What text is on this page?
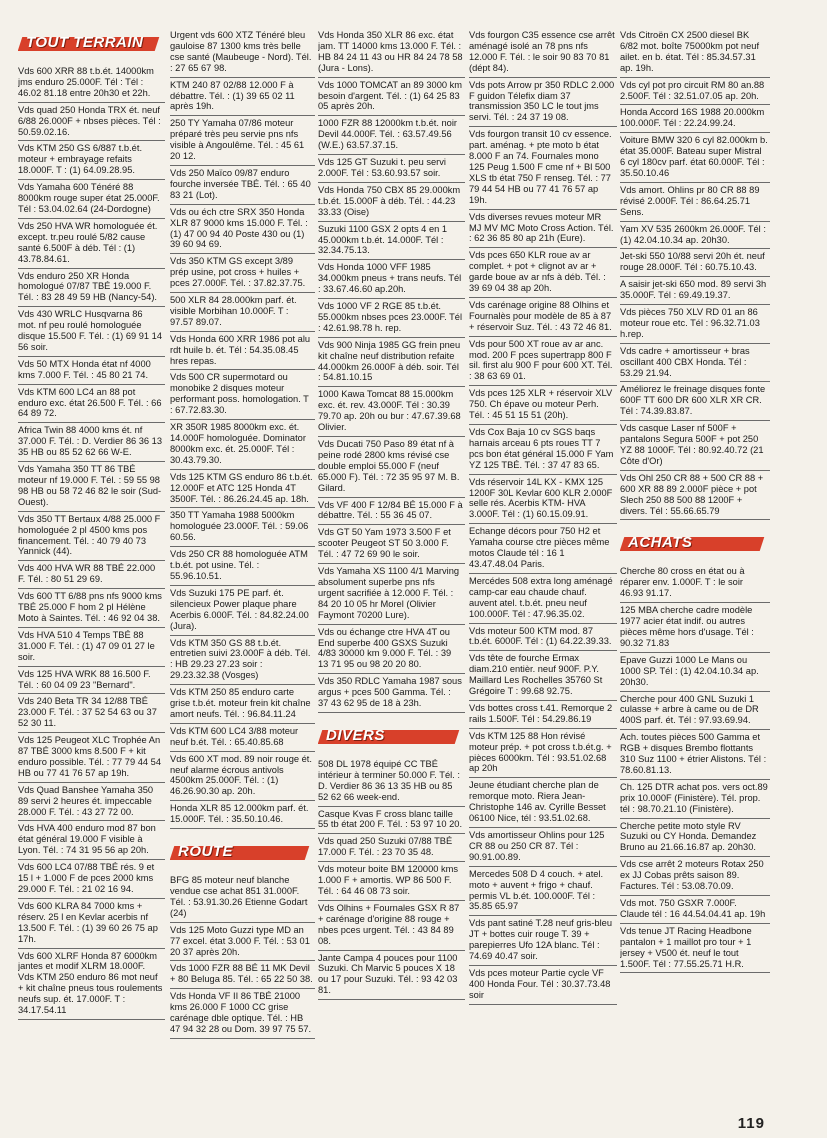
TOUT TERRAIN

Vds 600 XRR 88 t.b.ét. 14000km jms enduro 25.000F. Tél : Tél : 46.02 81.18 entre 20h30 et 22h.

Vds quad 250 Honda TRX ét. neuf 6/88 26.000F + nbses pièces. Tél : 50.59.02.16.

Vds KTM 250 GS 6/887 t.b.ét. moteur + embrayage refaits 18.000F. T : (1) 64.09.28.95.

Vds Yamaha 600 Ténéré 88 8000km rouge super état 25.000F. Tél : 53.04.02.64 (24-Dordogne)

Vds 250 HVA WR homologuée ét. except. tr.peu roulé 5/82 cause santé 6.500F à déb. Tél : (1) 43.78.84.61.

Vds enduro 250 XR Honda homologué 07/87 TBÉ 19.000 F. Tél. : 83 28 49 59 HB (Nancy-54).

Vds 430 WRLC Husqvarna 86 mot. nf peu roulé homologuée disque 15.500 F. Tél. : (1) 69 91 14 56 soir.

Vds 50 MTX Honda état nf 4000 kms 7.000 F. Tél. : 45 80 21 74.

Vds KTM 600 LC4 an 88 pot enduro exc. état 26.500 F. Tél. : 66 64 89 72.

Africa Twin 88 4000 kms ét. nf 37.000 F. Tél. : D. Verdier 86 36 13 35 HB ou 85 52 62 66 W-E.

Vds Yamaha 350 TT 86 TBÉ moteur nf 19.000 F. Tél. : 59 55 98 98 HB ou 58 72 46 82 le soir (Sud-Ouest).

Vds 350 TT Bertaux 4/88 25.000 F homologuée 2 pl 4500 kms pos financement. Tél. : 40 79 40 73 Yannick (44).

Vds 400 HVA WR 88 TBÉ 22.000 F. Tél. : 80 51 29 69.

Vds 600 TT 6/88 pns nfs 9000 kms TBÉ 25.000 F hom 2 pl Hélène Moto à Saintes. Tél. : 46 92 04 38.

Vds HVA 510 4 Temps TBÉ 88 31.000 F. Tél. : (1) 47 09 01 27 le soir.

Vds 125 HVA WRK 88 16.500 F. Tél. : 60 04 09 23 "Bernard".

Vds 240 Beta TR 34 12/88 TBÉ 23.000 F. Tél. : 37 52 54 63 ou 37 52 30 11.

Vds 125 Peugeot XLC Trophée An 87 TBÉ 3000 kms 8.500 F + kit enduro possible. Tél. : 77 79 44 54 HB ou 77 41 76 57 ap 19h.

Vds Quad Banshee Yamaha 350 89 servi 2 heures ét. impeccable 28.000 F. Tél. : 43 27 72 00.

Vds HVA 400 enduro mod 87 bon état général 19.000 F visible à Lyon. Tél. : 74 31 95 56 ap 20h.

Vds 600 LC4 07/88 TBÉ rés. 9 et 15 l + 1.000 F de pces 2000 kms 29.000 F. Tél. : 21 02 16 94.

Vds 600 KLRA 84 7000 kms + réserv. 25 l en Kevlar acerbis nf 13.500 F. Tél. : (1) 39 60 26 75 ap 17h.

Vds 600 XLRF Honda 87 6000km jantes et modif XLRM 18.000F. Vds KTM 250 enduro 86 mot neuf + kit chaîne pneus tous roulements neufs sup. ét. 17.000F. T : 34.17.54.11

Urgent vds 600 XTZ Ténéré bleu gauloise 87 1300 kms très belle cse santé (Maubeuge - Nord). Tél. : 27 65 67 98.

KTM 240 87 02/88 12.000 F à débattre. Tél. : (1) 39 65 02 11 après 19h.

250 TY Yamaha 07/86 moteur préparé très peu servie pns nfs visible à Angoulême. Tél. : 45 61 20 12.

Vds 250 Maïco 09/87 enduro fourche inversée TBÉ. Tél. : 65 40 83 21 (Lot).

Vds ou éch ctre SRX 350 Honda XLR 87 9000 kms 15.000 F. Tél. : (1) 47 00 94 40 Poste 430 ou (1) 39 60 94 69.

Vds 350 KTM GS except 3/89 prép usine, pot cross + huiles + pces 27.000F. Tél. : 37.82.37.75.

500 XLR 84 28.000km parf. ét. visible Morbihan 10.000F. T : 97.57 89.07.

Vds Honda 600 XRR 1986 pot alu rdt huile b. ét. Tél : 54.35.08.45 hres repas.

Vds 500 CR supermotard ou monobike 2 disques moteur performant poss. homologation. T : 67.72.83.30.

XR 350R 1985 8000km exc. ét. 14.000F homologuée. Dominator 8000km exc. ét. 25.000F. Tél : 30.43.79.30.

Vds 125 KTM GS enduro 86 t.b.ét. 12.000F et ATC 125 Honda 4T 3500F. Tél. : 86.26.24.45 ap. 18h.

350 TT Yamaha 1988 5000km homologuée 23.000F. Tél. : 59.06 60.56.

Vds 250 CR 88 homologuée ATM t.b.ét. pot usine. Tél. : 55.96.10.51.

Vds Suzuki 175 PE parf. ét. silencieux Power plaque phare Acerbis 6.000F. Tél. : 84.82.24.00 (Jura).

Vds KTM 350 GS 88 t.b.ét. entretien suivi 23.000F à déb. Tél. : HB 29.23 27.23 soir : 29.23.32.38 (Vosges)

Vds KTM 250 85 enduro carte grise t.b.ét. moteur frein kit chaîne amort neufs. Tél. : 96.84.11.24

Vds KTM 600 LC4 3/88 moteur neuf b.ét. Tél. : 65.40.85.68

Vds 600 XT mod. 89 noir rouge ét. neuf alarme écrous antivols 4500km 25.000F. Tél. : (1) 46.26.90.30 ap. 20h.

Honda XLR 85 12.000km parf. ét. 15.000F. Tél. : 35.50.10.46.

ROUTE

BFG 85 moteur neuf blanche vendue cse achat 851 31.000F. Tél. : 53.91.30.26 Etienne Godart (24)

Vds 125 Moto Guzzi type MD an 77 excel. état 3.000 F. Tél. : 53 01 20 37 après 20h.

Vds 1000 FZR 88 BÉ 11 MK Devil + 80 Beluga 85. Tél. : 65 22 50 38.

Vds Honda VF II 86 TBÉ 21000 kms 26.000 F 1000 CC grise carénage dble optique. Tél. : HB 47 94 32 28 ou Dom. 39 97 75 57.

Vds Honda 350 XLR 86 exc. état jam. TT 14000 kms 13.000 F. Tél. : HB 84 24 11 43 ou HR 84 24 78 58 (Jura - Lons).

Vds 1000 TOMCAT an 89 3000 km besoin d'argent. Tél. : (1) 64 25 83 05 après 20h.

1000 FZR 88 12000km t.b.ét. noir Devil 44.000F. Tél. : 63.57.49.56 (W.E.) 63.57.37.15.

Vds 125 GT Suzuki t. peu servi 2.000F. Tél : 53.60.93.57 soir.

Vds Honda 750 CBX 85 29.000km t.b.ét. 15.000F à déb. Tél. : 44.23 33.33 (Oise)

Suzuki 1100 GSX 2 opts 4 en 1 45.000km t.b.ét. 14.000F. Tél : 32.34.75.13.

Vds Honda 1000 VFF 1985 34.000km pneus + trans neufs. Tél : 33.67.46.60 ap.20h.

Vds 1000 VF 2 RGE 85 t.b.ét. 55.000km nbses pces 23.000F. Tél : 42.61.98.78 h. rep.

Vds 900 Ninja 1985 GG frein pneu kit chaîne neuf distribution refaite 44.000km 26.000F à déb. soir. Tél : 54.81.10.15

1000 Kawa Tomcat 88 15.000km exc. ét. rev. 43.000F. Tél : 30.39 79.70 ap. 20h ou bur : 47.67.39.68 Olivier.

Vds Ducati 750 Paso 89 état nf à peine rodé 2800 kms révisé cse double emploi 55.000 F (neuf 65.000 F). Tél. : 72 35 95 97 M. B. Gilard.

Vds VF 400 F 12/84 BÉ 15.000 F à débattre. Tél. : 55 36 45 07.

Vds GT 50 Yam 1973 3.500 F et scooter Peugeot ST 50 3.000 F. Tél. : 47 72 69 90 le soir.

Vds Yamaha XS 1100 4/1 Marving absolument superbe pns nfs urgent sacrifiée à 12.000 F. Tél. : 84 20 10 05 hr Morel (Olivier Faymont 70200 Lure).

Vds ou échange ctre HVA 4T ou End superbe 400 GSXS Suzuki 4/83 30000 km 9.000 F. Tél. : 39 13 71 95 ou 98 20 20 80.

Vds 350 RDLC Yamaha 1987 sous argus + pces 500 Gamma. Tél. : 37 43 62 95 de 18 à 23h.

DIVERS

508 DL 1978 équipé CC TBÉ intérieur à terminer 50.000 F. Tél. : D. Verdier 86 36 13 35 HB ou 85 52 62 66 week-end.

Casque Kvas F cross blanc taille 55 tb état 200 F. Tél. : 53 97 10 20.

Vds quad 250 Suzuki 07/88 TBÉ 17.000 F. Tél. : 23 70 35 48.

Vds moteur boite BM 120000 kms 1.000 F + amortis. WP 86 500 F. Tél. : 64 46 08 73 soir.

Vds Olhins + Fournales GSX R 87 + carénage d'origine 88 rouge + nbes pces urgent. Tél. : 43 84 89 08.

Jante Campa 4 pouces pour 1100 Suzuki. Ch Marvic 5 pouces X 18 ou 17 pour Suzuki. Tél. : 93 42 03 81.

Vds fourgon C35 essence cse arrêt aménagé isolé an 78 pns nfs 12.000 F. Tél. : le soir 90 83 70 81 (dépt 84).

Vds pots Arrow pr 350 RDLC 2.000 F guidon Télefix diam 37 transmission 350 LC le tout jms servi. Tél. : 24 37 19 08.

Vds fourgon transit 10 cv essence. part. aménag. + pte moto b état 8.000 F an 74. Fournales mono 125 Peug 1.500 F cme nf + Bl 500 XLS tb état 750 F renseg. Tél. : 77 79 44 54 HB ou 77 41 76 57 ap 19h.

Vds diverses revues moteur MR MJ MV MC Moto Cross Action. Tél. : 62 36 85 80 ap 21h (Eure).

Vds pces 650 KLR roue av ar complet. + pot + clignot av ar + garde boue av ar nfs à déb. Tél. : 39 69 04 38 ap 20h.

Vds carénage origine 88 Olhins et Fournalès pour modèle de 85 à 87 + réservoir Suz. Tél. : 43 72 46 81.

Vds pour 500 XT roue av ar anc. mod. 200 F pces supertrapp 800 F sil. first alu 900 F pour 600 XT. Tél. : 38 63 69 01.

Vds pces 125 XLR + réservoir XLV 750. Ch épave ou moteur Perh. Tél. : 45 51 15 51 (20h).

Vds Cox Baja 10 cv SGS baqs harnais arceau 6 pts roues TT 7 pcs bon état général 15.000 F Yam YZ 125 TBÉ. Tél. : 37 47 83 65.

Vds réservoir 14L KX - KMX 125 1200F 30L Kevlar 600 KLR 2.000F selle rés. Acerbis KTM- HVA 3.000F. Tél : (1) 60.15.09.91.

Echange décors pour 750 H2 et Yamaha course ctre pièces même motos Claude tél : 16 1 43.47.48.04 Paris.

Mercédes 508 extra long aménagé camp-car eau chaude chauf. auvent atel. t.b.ét. pneu neuf 100.000F. Tél : 47.96.35.02.

Vds moteur 500 KTM mod. 87 t.b.ét. 6000F. Tél : (1) 64.22.39.33.

Vds tête de fourche Ermax diam.210 entièr. neuf 900F. P.Y. Maillard Les Rochelles 35760 St Grégoire T : 99.68 92.75.

Vds bottes cross t.41. Remorque 2 rails 1.500F. Tél : 54.29.86.19

Vds KTM 125 88 Hon révisé moteur prép. + pot cross t.b.ét.g. + pièces 6000km. Tél : 93.51.02.68 ap 20h

Jeune étudiant cherche plan de remorque moto. Riera Jean-Christophe 146 av. Cyrille Besset 06100 Nice, tél : 93.51.02.68.

Vds amortisseur Ohlins pour 125 CR 88 ou 250 CR 87. Tél : 90.91.00.89.

Mercedes 508 D 4 couch. + atel. moto + auvent + frigo + chauf. permis VL b.ét. 100.000F. Tél : 35.85 65.97

Vds pant satiné T.28 neuf gris-bleu JT + bottes cuir rouge T. 39 + parepierres Ufo 12A blanc. Tél : 74.69 40.47 soir.

Vds pces moteur Partie cycle VF 400 Honda Four. Tél : 30.37.73.48 soir

Vds Citroën CX 2500 diesel BK 6/82 mot. boîte 75000km pot neuf ailet. en b. état. Tél : 85.34.57.31 ap. 19h.

Vds cyl pot pro circuit RM 80 an.88 2.500F. Tél : 32.51.07.05 ap. 20h.

Honda Accord 16S 1988 20.000km 100.000F. Tél : 22.24.99.24.

Voiture BMW 320 6 cyl 82.000km b. état 35.000F. Bateau super Mistral 6 cyl 180cv parf. état 60.000F. Tél : 35.50.10.46

Vds amort. Ohlins pr 80 CR 88 89 révisé 2.000F. Tél : 86.64.25.71 Sens.

Yam XV 535 2600km 26.000F. Tél : (1) 42.04.10.34 ap. 20h30.

Jet-ski 550 10/88 servi 20h ét. neuf rouge 28.000F. Tél : 60.75.10.43.

A saisir jet-ski 650 mod. 89 servi 3h 35.000F. Tél : 69.49.19.37.

Vds pièces 750 XLV RD 01 an 86 moteur roue etc. Tél : 96.32.71.03 h.rep.

Vds cadre + amortisseur + bras oscillant 400 CBX Honda. Tél : 53.29 21.94.

Améliorez le freinage disques fonte 600F TT 600 DR 600 XLR XR CR. Tél : 74.39.83.87.

Vds casque Laser nf 500F + pantalons Segura 500F + pot 250 YZ 88 1000F. Tél : 80.92.40.72 (21 Côte d'Or)

Vds Ohl 250 CR 88 + 500 CR 88 + 600 XR 88 89 2.000F pièce + pot Slech 250 88 500 88 1200F + divers. Tél : 55.66.65.79

ACHATS

Cherche 80 cross en état ou à réparer env. 1.000F. T : le soir 46.93 91.17.

125 MBA cherche cadre modèle 1977 acier état indif. ou autres pièces même hors d'usage. Tél : 90.32 71.83

Epave Guzzi 1000 Le Mans ou 1000 SP. Tél : (1) 42.04.10.34 ap. 20h30.

Cherche pour 400 GNL Suzuki 1 culasse + arbre à came ou de DR 400S parf. ét. Tél : 97.93.69.94.

Ach. toutes pièces 500 Gamma et RGB + disques Brembo flottants 310 Suz 1100 + étrier Alistons. Tél : 78.60.81.13.

Ch. 125 DTR achat pos. vers oct.89 prix 10.000F (Finistère). Tél. prop. tél : 98.70.21.10 (Finistère).

Cherche petite moto style RV Suzuki ou CY Honda. Demandez Bruno au 21.66.16.87 ap. 20h30.

Vds cse arrêt 2 moteurs Rotax 250 ex JJ Cobas prêts saison 89. Factures. Tél : 53.08.70.09.

Vds mot. 750 GSXR 7.000F. Claude tél : 16 44.54.04.41 ap. 19h

Vds tenue JT Racing Headbone pantalon + 1 maillot pro tour + 1 jersey + V500 ét. neuf le tout 1.500F. Tél : 77.55.25.71 H.R.

119
